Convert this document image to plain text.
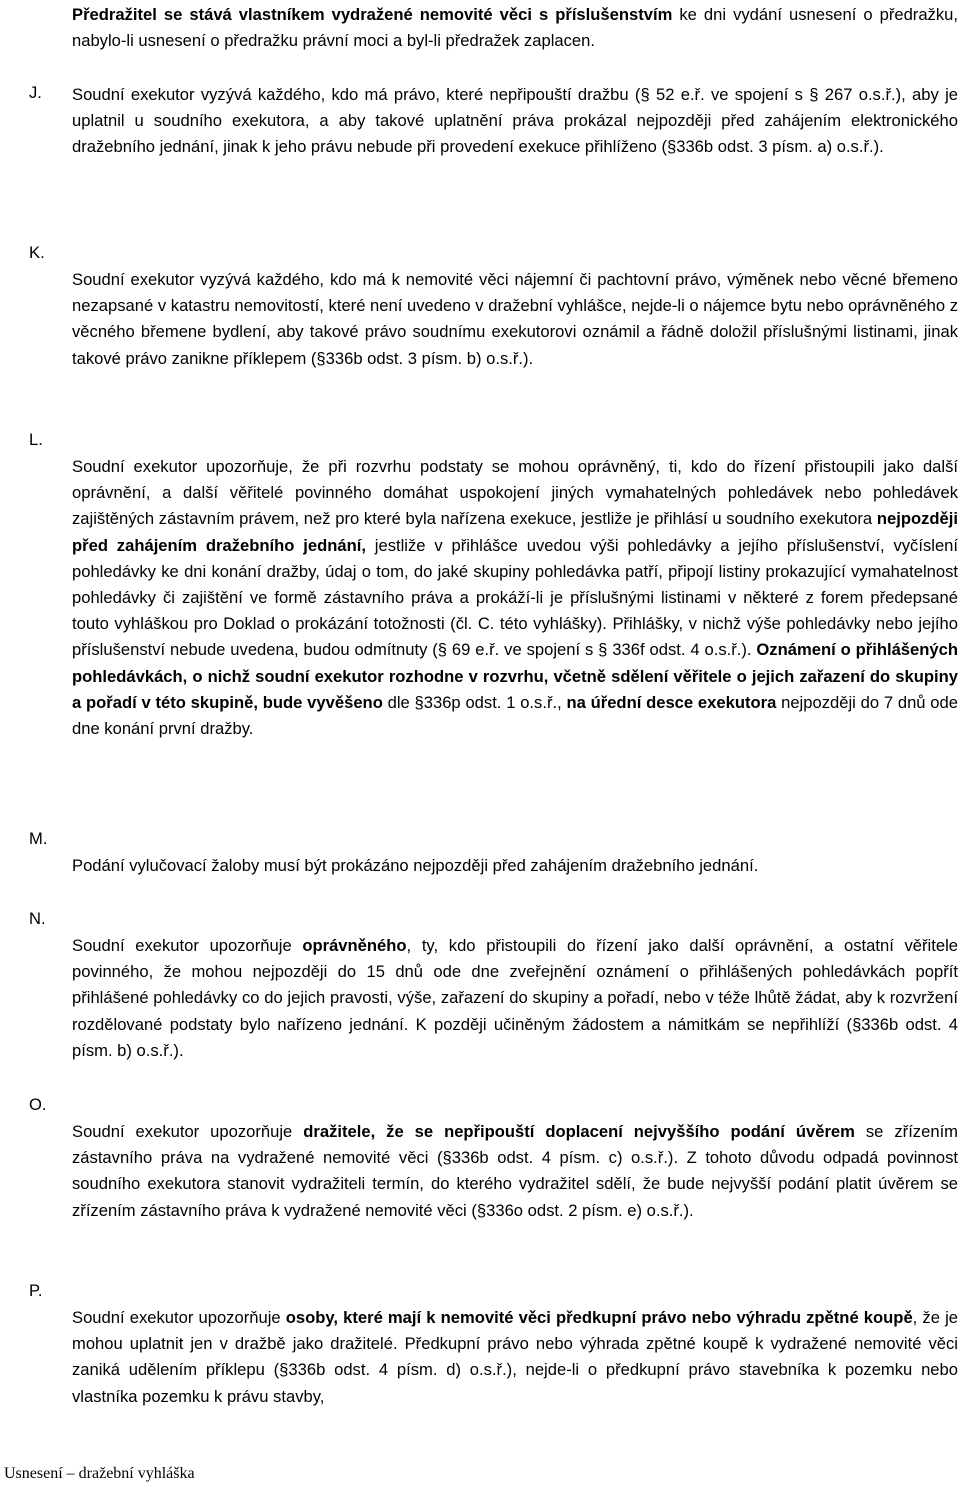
Předražitel se stává vlastníkem vydražené nemovité věci s příslušenstvím ke dni vydání usnesení o předražku, nabylo-li usnesení o předražku právní moci a byl-li předražek zaplacen.

J. Soudní exekutor vyzývá každého, kdo má právo, které nepřipouští dražbu (§ 52 e.ř. ve spojení s § 267 o.s.ř.), aby je uplatnil u soudního exekutora, a aby takové uplatnění práva prokázal nejpozději před zahájením elektronického dražebního jednání, jinak k jeho právu nebude při provedení exekuce přihlíženo (§336b odst. 3 písm. a) o.s.ř.).

K.

Soudní exekutor vyzývá každého, kdo má k nemovité věci nájemní či pachtovní právo, výměnek nebo věcné břemeno nezapsané v katastru nemovitostí, které není uvedeno v dražební vyhlášce, nejde-li o nájemce bytu nebo oprávněného z věcného břemene bydlení, aby takové právo soudnímu exekutorovi oznámil a řádně doložil příslušnými listinami, jinak takové právo zanikne příklepem (§336b odst. 3 písm. b) o.s.ř.).

L.

Soudní exekutor upozorňuje, že při rozvrhu podstaty se mohou oprávněný, ti, kdo do řízení přistoupili jako další oprávnění, a další věřitelé povinného domáhat uspokojení jiných vymahatelných pohledávek nebo pohledávek zajištěných zástavním právem, než pro které byla nařízena exekuce, jestliže je přihlásí u soudního exekutora nejpozději před zahájením dražebního jednání, jestliže v přihlášce uvedou výši pohledávky a jejího příslušenství, vyčíslení pohledávky ke dni konání dražby, údaj o tom, do jaké skupiny pohledávka patří, připojí listiny prokazující vymahatelnost pohledávky či zajištění ve formě zástavního práva a prokáží-li je příslušnými listinami v některé z forem předepsané touto vyhláškou pro Doklad o prokázání totožnosti (čl. C. této vyhlášky). Přihlášky, v nichž výše pohledávky nebo jejího příslušenství nebude uvedena, budou odmítnuty (§ 69 e.ř. ve spojení s § 336f odst. 4 o.s.ř.). Oznámení o přihlášených pohledávkách, o nichž soudní exekutor rozhodne v rozvrhu, včetně sdělení věřitele o jejich zařazení do skupiny a pořadí v této skupině, bude vyvěšeno dle §336p odst. 1 o.s.ř., na úřední desce exekutora nejpozději do 7 dnů ode dne konání první dražby.

M.

Podání vylučovací žaloby musí být prokázáno nejpozději před zahájením dražebního jednání.

N.

Soudní exekutor upozorňuje oprávněného, ty, kdo přistoupili do řízení jako další oprávnění, a ostatní věřitele povinného, že mohou nejpozději do 15 dnů ode dne zveřejnění oznámení o přihlášených pohledávkách popřít přihlášené pohledávky co do jejich pravosti, výše, zařazení do skupiny a pořadí, nebo v téže lhůtě žádat, aby k rozvržení rozdělované podstaty bylo nařízeno jednání. K později učiněným žádostem a námitkám se nepřihlíží (§336b odst. 4 písm. b) o.s.ř.).

O.

Soudní exekutor upozorňuje dražitele, že se nepřipouští doplacení nejvyššího podání úvěrem se zřízením zástavního práva na vydražené nemovité věci (§336b odst. 4 písm. c) o.s.ř.). Z tohoto důvodu odpadá povinnost soudního exekutora stanovit vydražiteli termín, do kterého vydražitel sdělí, že bude nejvyšší podání platit úvěrem se zřízením zástavního práva k vydražené nemovité věci (§336o odst. 2 písm. e) o.s.ř.).

P.

Soudní exekutor upozorňuje osoby, které mají k nemovité věci předkupní právo nebo výhradu zpětné koupě, že je mohou uplatnit jen v dražbě jako dražitelé. Předkupní právo nebo výhrada zpětné koupě k vydražené nemovité věci zaniká udělením příklepu (§336b odst. 4 písm. d) o.s.ř.), nejde-li o předkupní právo stavebníka k pozemku nebo vlastníka pozemku k právu stavby,

Usnesení – dražební vyhláška
